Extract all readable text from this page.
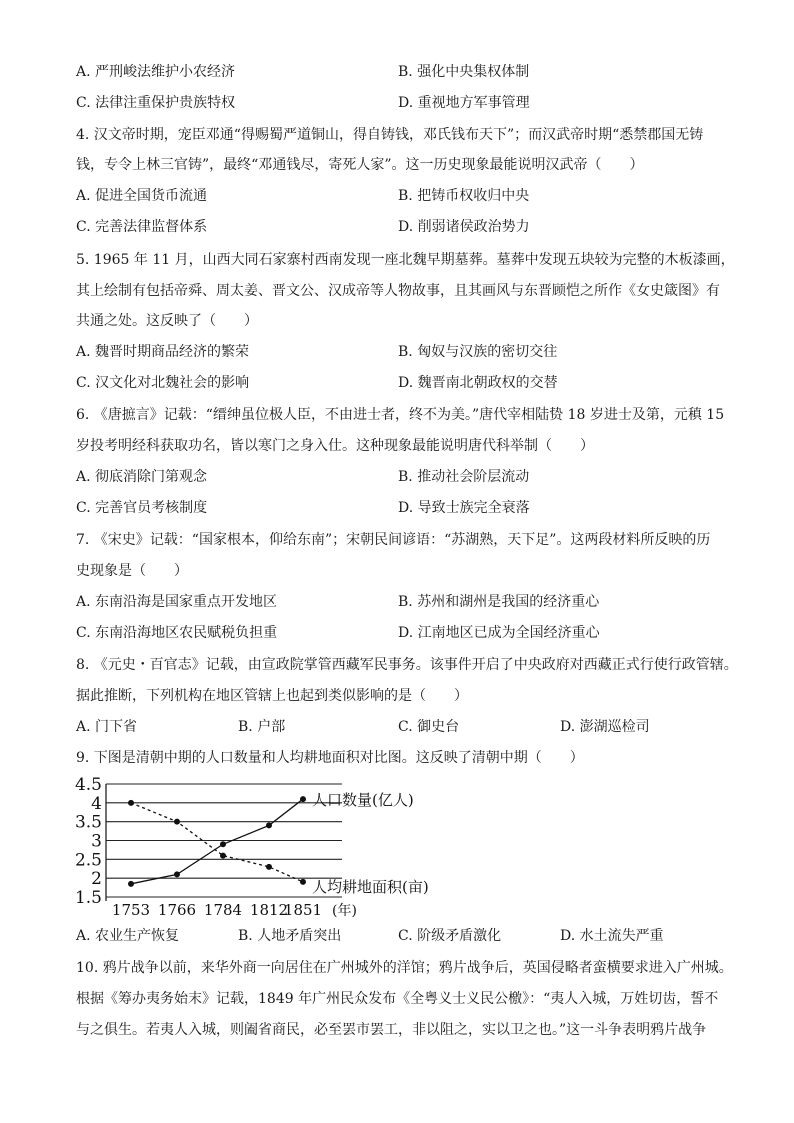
A. 严刑峻法维护小农经济	B. 强化中央集权体制
C. 法律注重保护贵族特权	D. 重视地方军事管理
4. 汉文帝时期，宠臣邓通“得赐蜀严道铜山，得自铸钱，邓氏钱布天下”；而汉武帝时期“悉禁郡国无铸
钱，专令上林三官铸”，最终“邓通钱尽，寄死人家”。这一历史现象最能说明汉武帝（　　）
A. 促进全国货币流通	B. 把铸币权收归中央
C. 完善法律监督体系	D. 削弱诸侯政治势力
5. 1965 年 11 月，山西大同石家寨村西南发现一座北魏早期墓葬。墓葬中发现五块较为完整的木板漆画，
其上绘制有包括帝舜、周太姜、晋文公、汉成帝等人物故事，且其画风与东晋顾恺之所作《女史箴图》有
共通之处。这反映了（　　）
A. 魏晋时期商品经济的繁荣	B. 匈奴与汉族的密切交往
C. 汉文化对北魏社会的影响	D. 魏晋南北朝政权的交替
6. 《唐摭言》记载：“缙绅虽位极人臣，不由进士者，终不为美。”唐代宰相陆贽 18 岁进士及第，元稹 15
岁投考明经科获取功名，皆以寒门之身入仕。这种现象最能说明唐代科举制（　　）
A. 彻底消除门第观念	B. 推动社会阶层流动
C. 完善官员考核制度	D. 导致士族完全衰落
7. 《宋史》记载：“国家根本，仰给东南”；宋朝民间谚语：“苏湖熟，天下足”。这两段材料所反映的历
史现象是（　　）
A. 东南沿海是国家重点开发地区	B. 苏州和湖州是我国的经济重心
C. 东南沿海地区农民赋税负担重	D. 江南地区已成为全国经济重心
8. 《元史・百官志》记载，由宣政院掌管西藏军民事务。该事件开启了中央政府对西藏正式行使行政管辖。
据此推断，下列机构在地区管辖上也起到类似影响的是（　　）
A. 门下省	B. 户部	C. 御史台	D. 澎湖巡检司
9. 下图是清朝中期的人口数量和人均耕地面积对比图。这反映了清朝中期（　　）
1.5
2
2.5
3
3.5
4
4.5
1753 1766 1784 1812
1851 (年)
人口数量(亿人)
人均耕地面积(亩)
A. 农业生产恢复	B. 人地矛盾突出	C. 阶级矛盾激化	D. 水土流失严重
10. 鸦片战争以前，来华外商一向居住在广州城外的洋馆；鸦片战争后，英国侵略者蛮横要求进入广州城。
根据《筹办夷务始末》记载，1849 年广州民众发布《全粤义士义民公檄》：“夷人入城，万姓切齿，誓不
与之俱生。若夷人入城，则阖省商民，必至罢市罢工，非以阻之，实以卫之也。”这一斗争表明鸦片战争
